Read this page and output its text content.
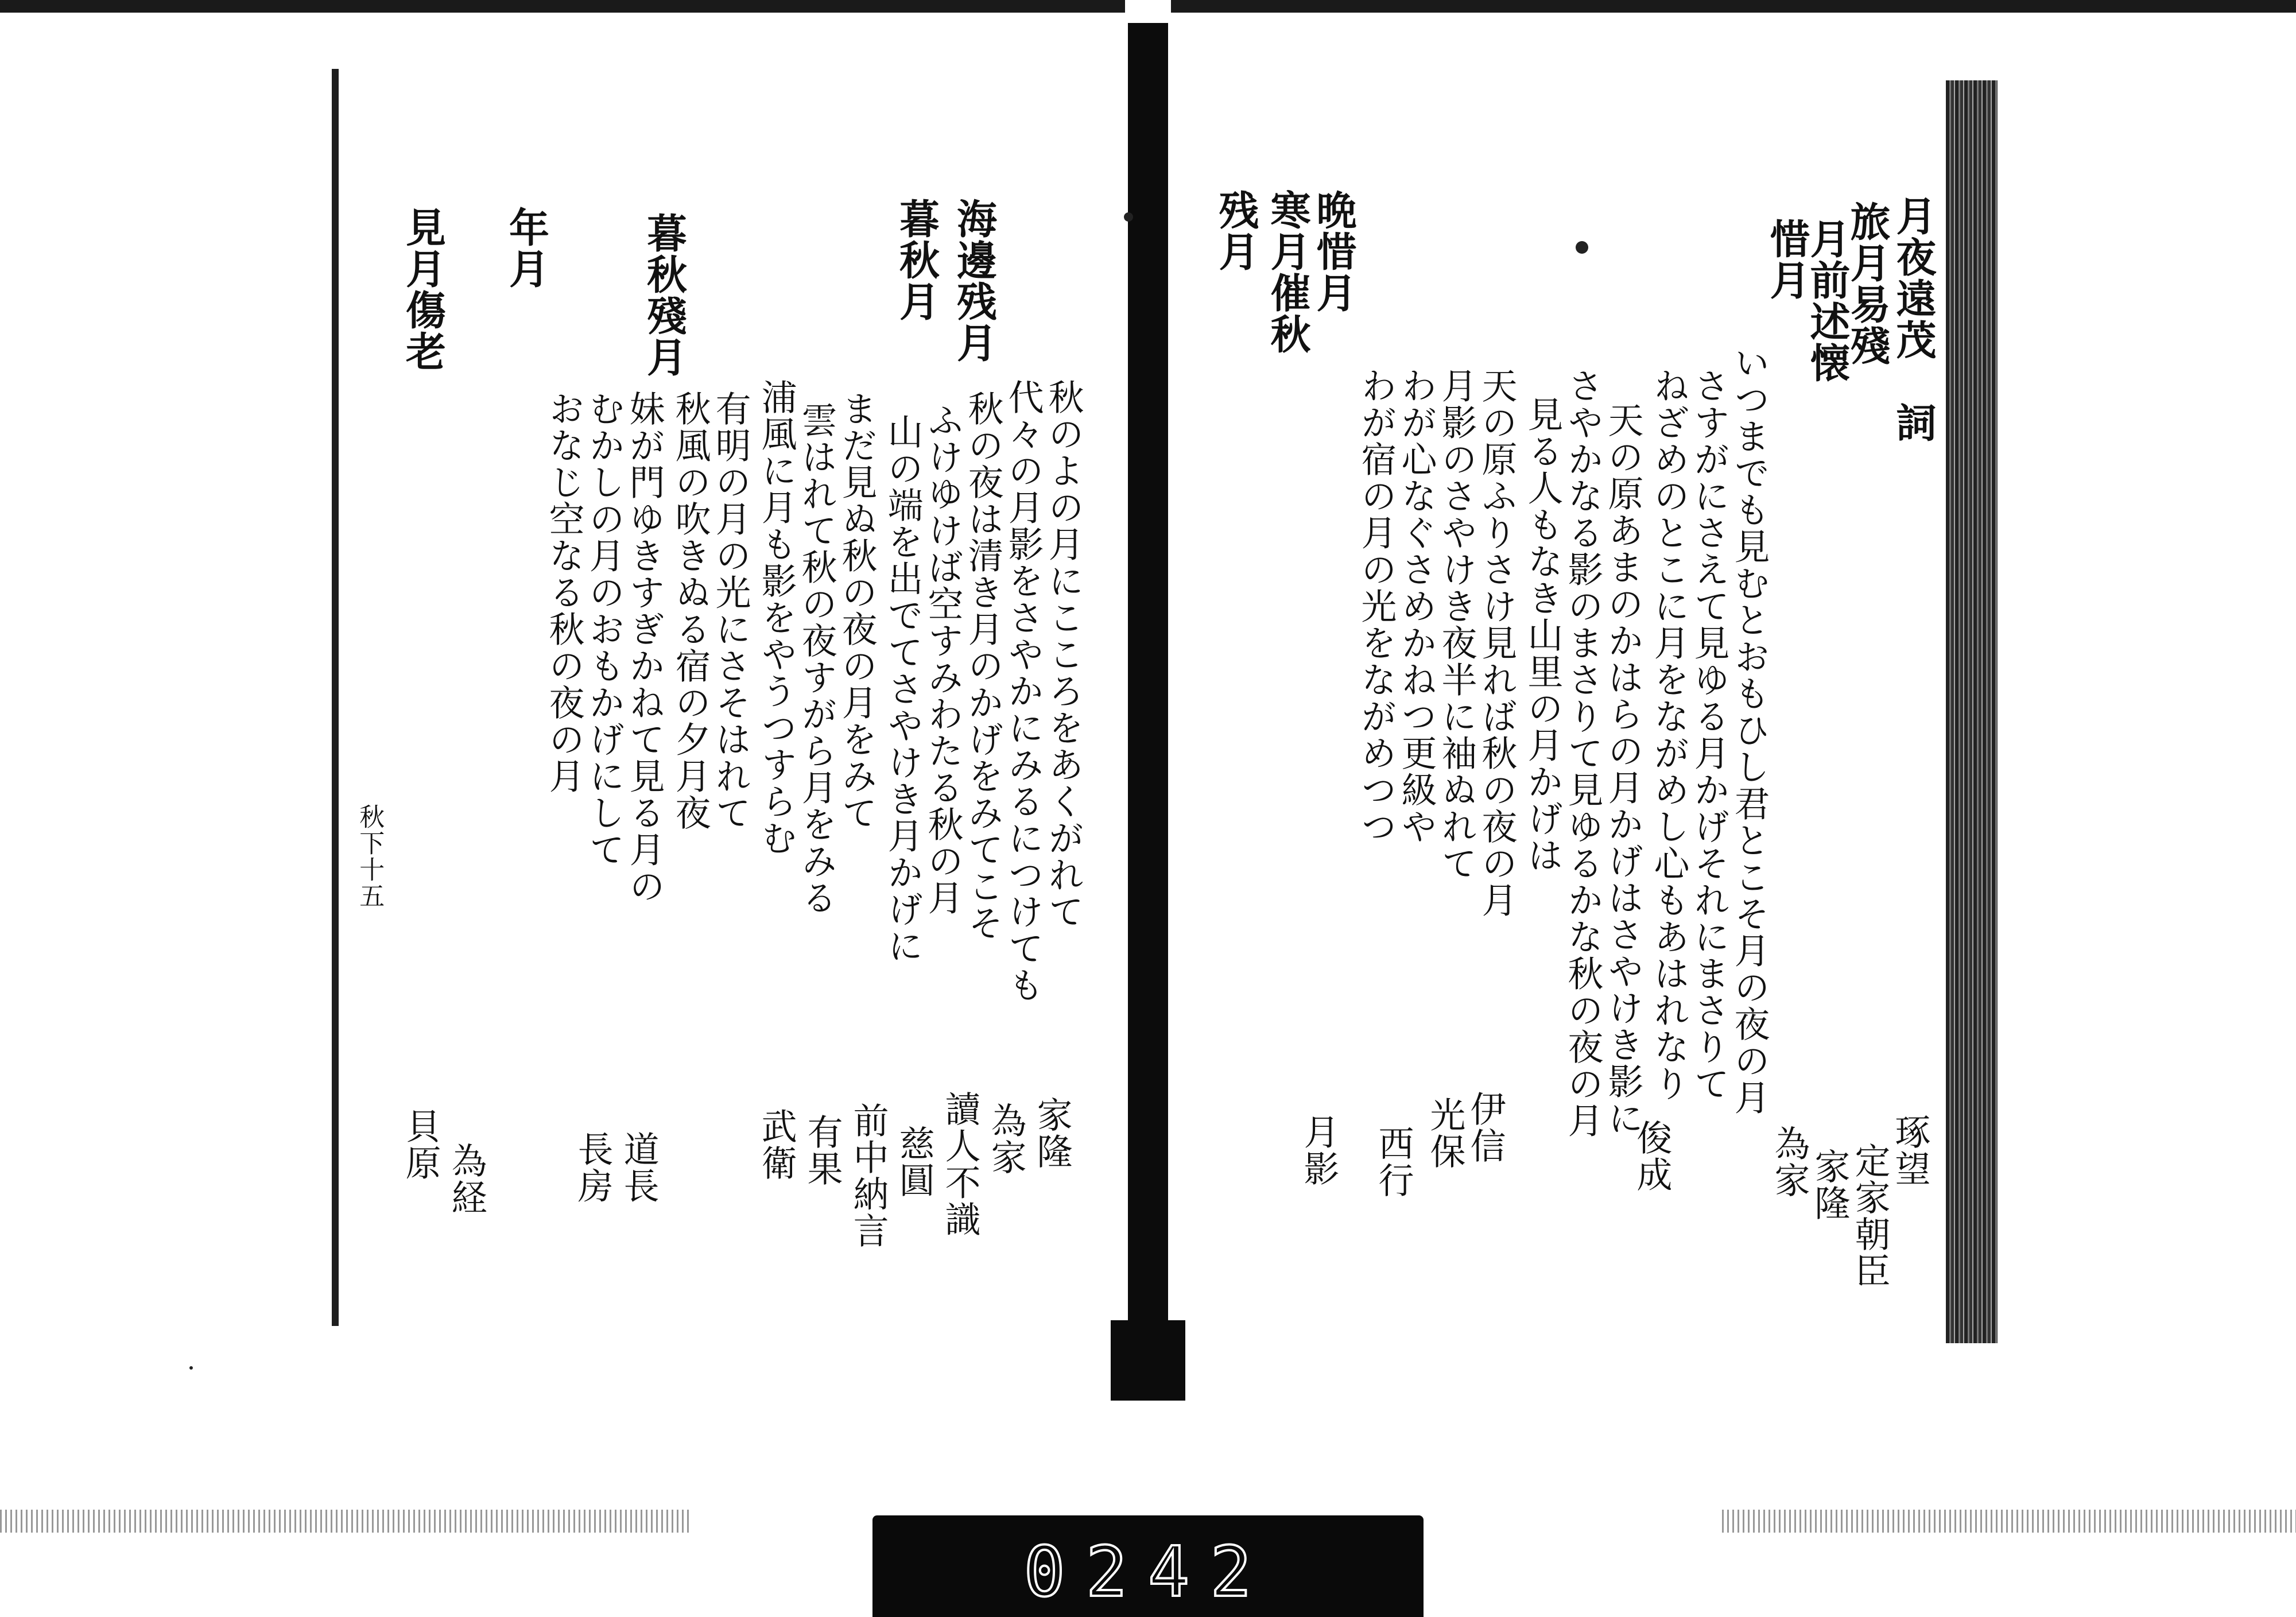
月夜遠茂　詞
旅月易殘
月前述懐
惜月
いつまでも見むとおもひし君とこそ月の夜の月
さすがにさえて見ゆる月かげそれにまさりて
ねざめのとこに月をながめし心もあはれなり
天の原あまのかはらの月かげはさやけき影に
さやかなる影のまさりて見ゆるかな秋の夜の月
見る人もなき山里の月かげは
天の原ふりさけ見れば秋の夜の月
月影のさやけき夜半に袖ぬれて
わが心なぐさめかねつ更級や
わが宿の月の光をながめつつ
晩惜月
寒月催秋
残月
琢望
定家朝臣
家隆
為家
俊成
伊信
光保
西行
月影
海邊残月
暮秋月
暮秋殘月
年月
見月傷老
秋のよの月にこころをあくがれて
代々の月影をさやかにみるにつけても
秋の夜は清き月のかげをみてこそ
ふけゆけば空すみわたる秋の月
山の端を出でてさやけき月かげに
まだ見ぬ秋の夜の月をみて
雲はれて秋の夜すがら月をみる
浦風に月も影をやうつすらむ
有明の月の光にさそはれて
秋風の吹きぬる宿の夕月夜
妹が門ゆきすぎかねて見る月の
むかしの月のおもかげにして
おなじ空なる秋の夜の月
家隆
為家
讀人不識
慈圓
前中納言
有果
武衛
道長
長房
為経
貝原
秋下十五
0242
